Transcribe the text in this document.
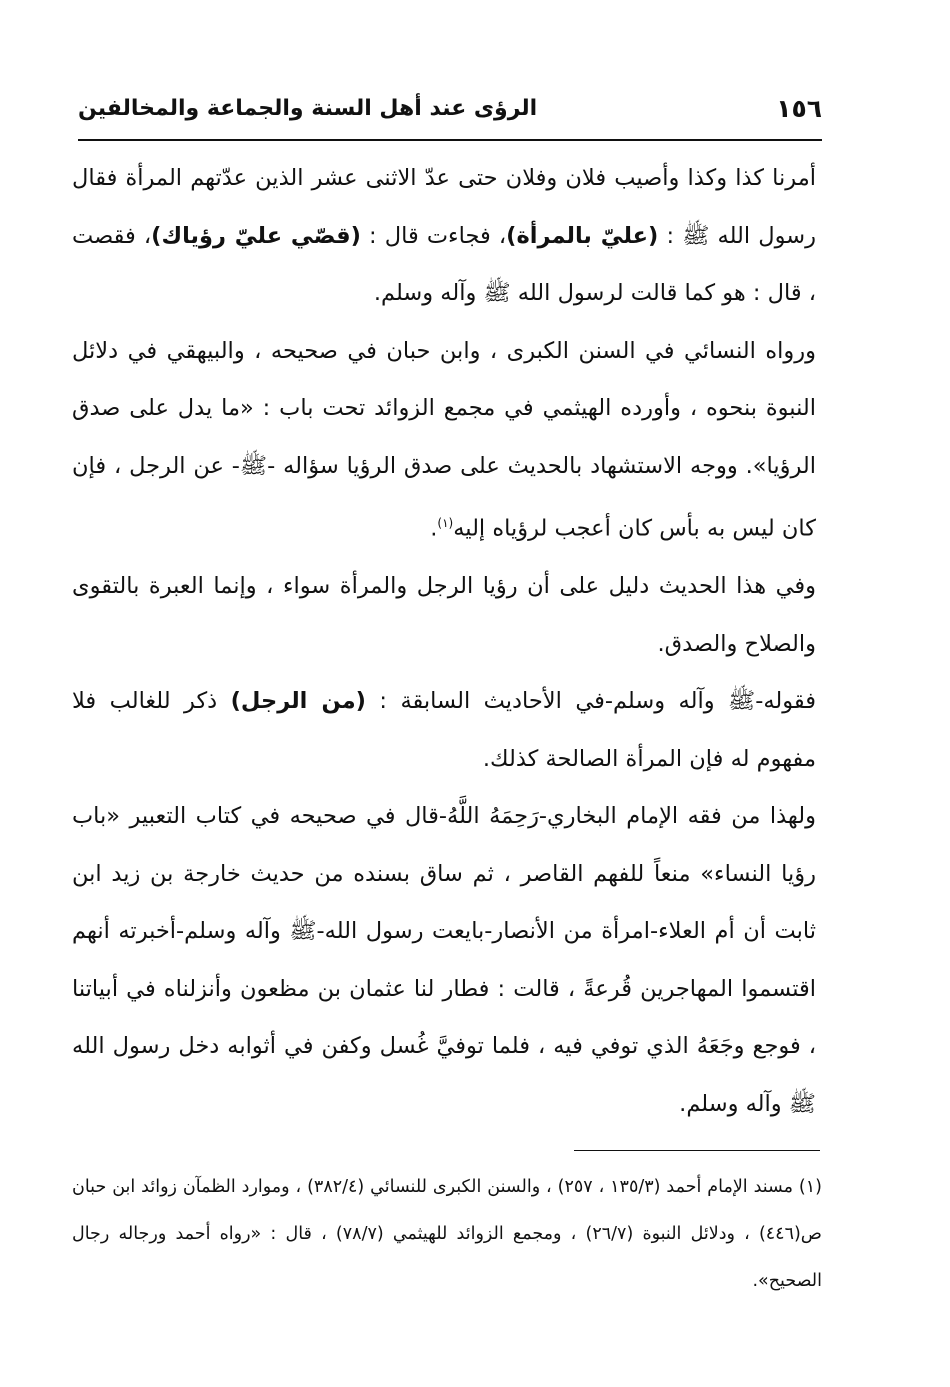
١٥٦
الرؤى عند أهل السنة والجماعة والمخالفين

أمرنا كذا وكذا وأصيب فلان وفلان حتى عدّ الاثنى عشر الذين عدّتهم المرأة فقال رسول الله ﷺ : (عليّ بالمرأة)، فجاءت قال : (قصّي عليّ رؤياك)، فقصت ، قال : هو كما قالت لرسول الله ﷺ وآله وسلم.

ورواه النسائي في السنن الكبرى ، وابن حبان في صحيحه ، والبيهقي في دلائل النبوة بنحوه ، وأورده الهيثمي في مجمع الزوائد تحت باب : «ما يدل على صدق الرؤيا». ووجه الاستشهاد بالحديث على صدق الرؤيا سؤاله -ﷺ- عن الرجل ، فإن كان ليس به بأس كان أعجب لرؤياه إليه$^{(١)}$.

وفي هذا الحديث دليل على أن رؤيا الرجل والمرأة سواء ، وإنما العبرة بالتقوى والصلاح والصدق.

فقوله-ﷺ وآله وسلم-في الأحاديث السابقة : (من الرجل) ذكر للغالب فلا مفهوم له فإن المرأة الصالحة كذلك.

ولهذا من فقه الإمام البخاري-رَحِمَهُ اللَّهُ-قال في صحيحه في كتاب التعبير «باب رؤيا النساء» منعاً للفهم القاصر ، ثم ساق بسنده من حديث خارجة بن زيد ابن ثابت أن أم العلاء-امرأة من الأنصار-بايعت رسول الله-ﷺ وآله وسلم-أخبرته أنهم اقتسموا المهاجرين قُرعةً ، قالت : فطار لنا عثمان بن مظعون وأنزلناه في أبياتنا ، فوجع وجَعَهُ الذي توفي فيه ، فلما توفيَّ غُسل وكفن في أثوابه دخل رسول الله ﷺ وآله وسلم.

(١) مسند الإمام أحمد (١٣٥/٣ ، ٢٥٧) ، والسنن الكبرى للنسائي (٣٨٢/٤) ، وموارد الظمآن زوائد ابن حبان ص(٤٤٦) ، ودلائل النبوة (٢٦/٧) ، ومجمع الزوائد للهيثمي (٧٨/٧) ، قال : «رواه أحمد ورجاله رجال الصحيح».
